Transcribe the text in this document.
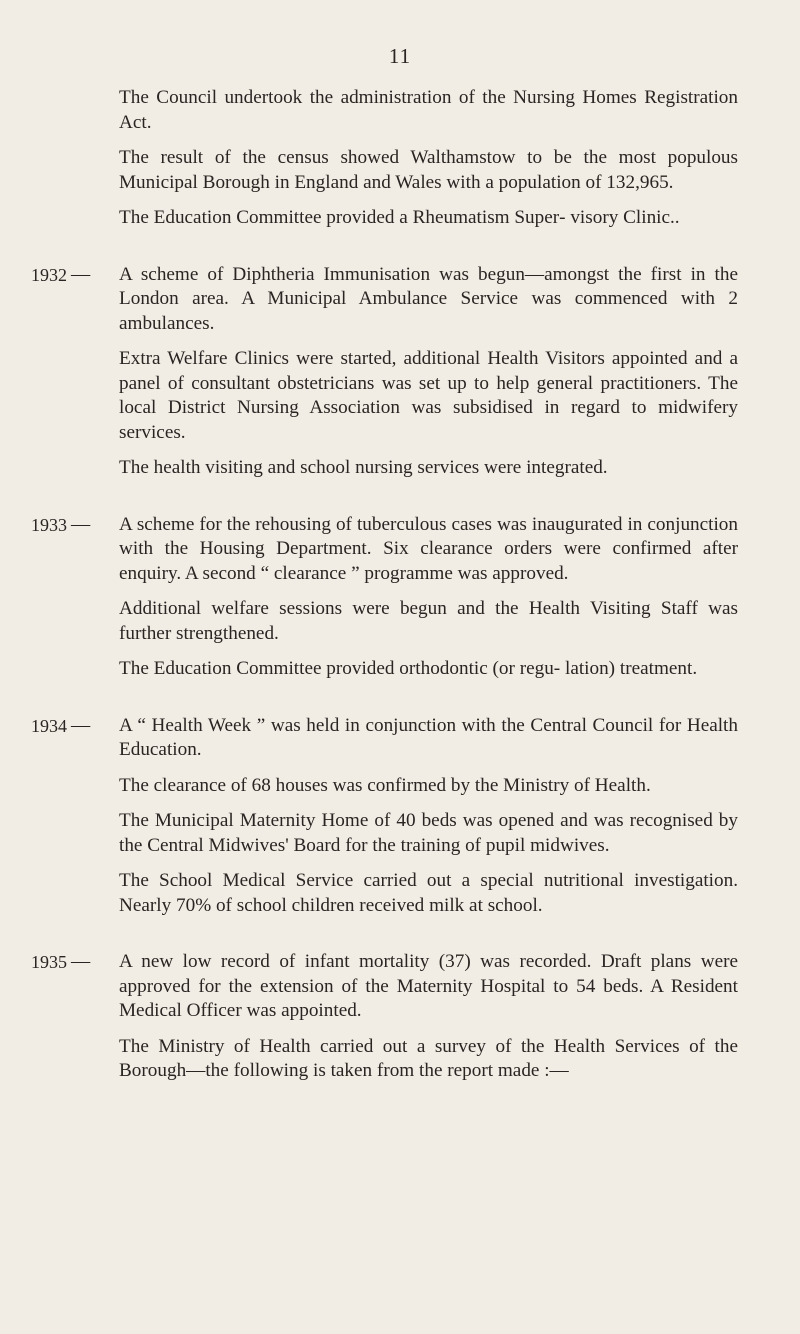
11

The Council undertook the administration of the Nursing Homes Registration Act.

The result of the census showed Walthamstow to be the most populous Municipal Borough in England and Wales with a population of 132,965.

The Education Committee provided a Rheumatism Super‑ visory Clinic..

1932 — A scheme of Diphtheria Immunisation was begun—amongst the first in the London area. A Municipal Ambulance Service was commenced with 2 ambulances.

Extra Welfare Clinics were started, additional Health Visitors appointed and a panel of consultant obstetricians was set up to help general practitioners. The local District Nursing Association was subsidised in regard to midwifery services.

The health visiting and school nursing services were integrated.

1933 — A scheme for the rehousing of tuberculous cases was inaugurated in conjunction with the Housing Department. Six clearance orders were confirmed after enquiry. A second “ clearance ” programme was approved.

Additional welfare sessions were begun and the Health Visiting Staff was further strengthened.

The Education Committee provided orthodontic (or regu‑ lation) treatment.

1934 — A “ Health Week ” was held in conjunction with the Central Council for Health Education.

The clearance of 68 houses was confirmed by the Ministry of Health.

The Municipal Maternity Home of 40 beds was opened and was recognised by the Central Midwives' Board for the training of pupil midwives.

The School Medical Service carried out a special nutritional investigation. Nearly 70% of school children received milk at school.

1935 — A new low record of infant mortality (37) was recorded. Draft plans were approved for the extension of the Maternity Hospital to 54 beds. A Resident Medical Officer was appointed.

The Ministry of Health carried out a survey of the Health Services of the Borough—the following is taken from the report made :—
